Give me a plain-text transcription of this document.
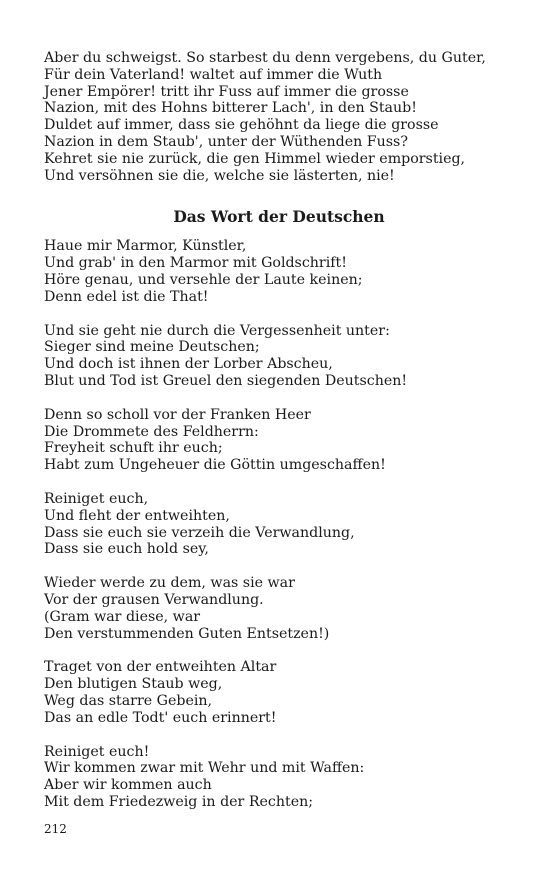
Aber du schweigst. So starbest du denn vergebens, du Guter,

Für dein Vaterland! waltet auf immer die Wuth

Jener Empörer! tritt ihr Fuss auf immer die grosse

Nazion, mit des Hohns bitterer Lach', in den Staub!

Duldet auf immer, dass sie gehöhnt da liege die grosse

Nazion in dem Staub', unter der Wüthenden Fuss?

Kehret sie nie zurück, die gen Himmel wieder emporstieg,

Und versöhnen sie die, welche sie lästerten, nie!

Das Wort der Deutschen

Haue mir Marmor, Künstler,

Und grab' in den Marmor mit Goldschrift!

Höre genau, und versehle der Laute keinen;

Denn edel ist die That!

Und sie geht nie durch die Vergessenheit unter:

Sieger sind meine Deutschen;

Und doch ist ihnen der Lorber Abscheu,

Blut und Tod ist Greuel den siegenden Deutschen!

Denn so scholl vor der Franken Heer

Die Drommete des Feldherrn:

Freyheit schuft ihr euch;

Habt zum Ungeheuer die Göttin umgeschaffen!

Reiniget euch,

Und fleht der entweihten,

Dass sie euch sie verzeih die Verwandlung,

Dass sie euch hold sey,

Wieder werde zu dem, was sie war

Vor der grausen Verwandlung.

(Gram war diese, war

Den verstummenden Guten Entsetzen!)

Traget von der entweihten Altar

Den blutigen Staub weg,

Weg das starre Gebein,

Das an edle Todt' euch erinnert!

Reiniget euch!

Wir kommen zwar mit Wehr und mit Waffen:

Aber wir kommen auch

Mit dem Friedezweig in der Rechten;

212
